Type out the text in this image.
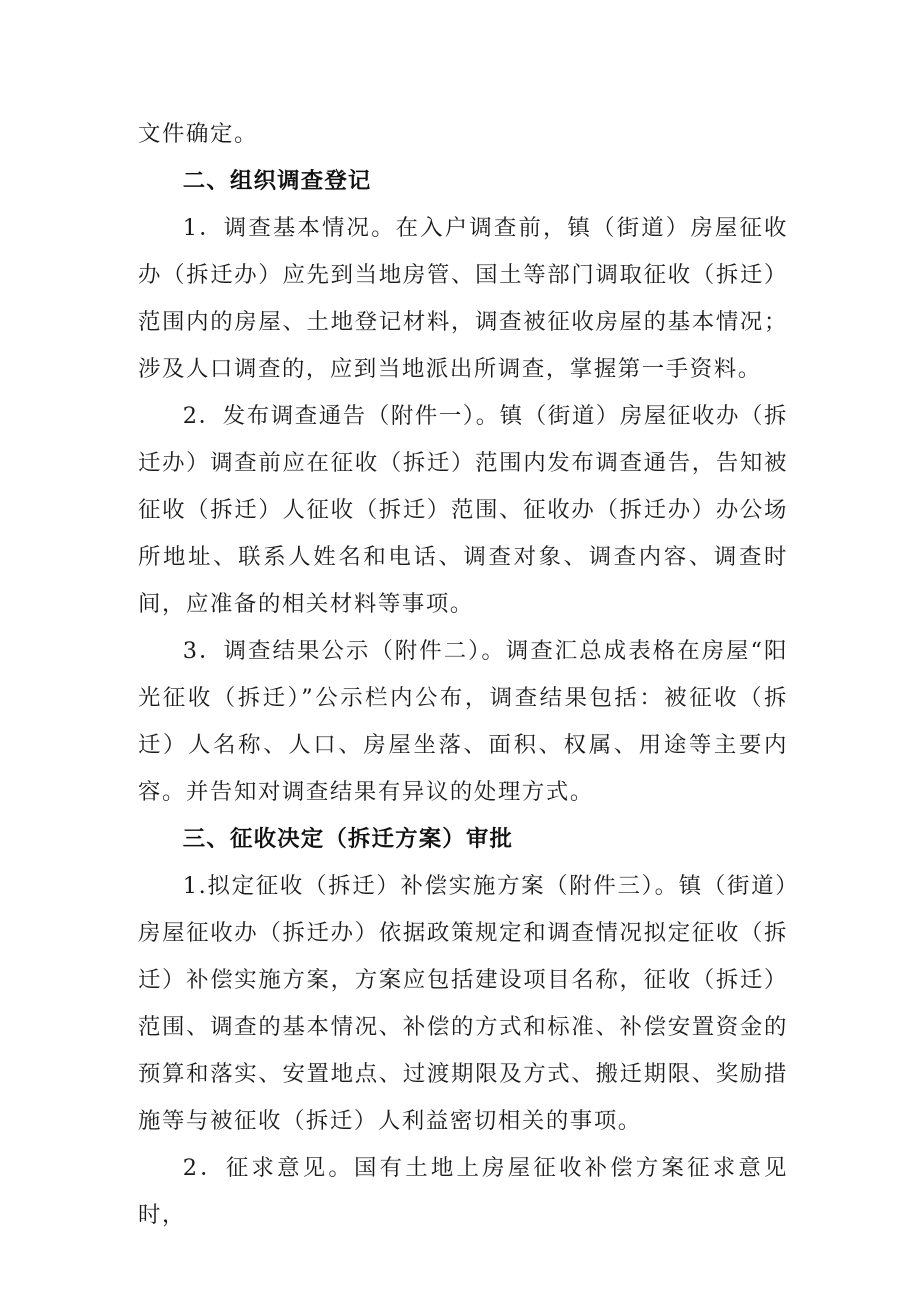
文件确定。

二、组织调查登记

1．调查基本情况。在入户调查前，镇（街道）房屋征收办（拆迁办）应先到当地房管、国土等部门调取征收（拆迁）范围内的房屋、土地登记材料，调查被征收房屋的基本情况；涉及人口调查的，应到当地派出所调查，掌握第一手资料。

2．发布调查通告（附件一）。镇（街道）房屋征收办（拆迁办）调查前应在征收（拆迁）范围内发布调查通告，告知被征收（拆迁）人征收（拆迁）范围、征收办（拆迁办）办公场所地址、联系人姓名和电话、调查对象、调查内容、调查时间，应准备的相关材料等事项。

3．调查结果公示（附件二）。调查汇总成表格在房屋“阳光征收（拆迁）”公示栏内公布，调查结果包括：被征收（拆迁）人名称、人口、房屋坐落、面积、权属、用途等主要内容。并告知对调查结果有异议的处理方式。

三、征收决定（拆迁方案）审批

1.拟定征收（拆迁）补偿实施方案（附件三）。镇（街道）房屋征收办（拆迁办）依据政策规定和调查情况拟定征收（拆迁）补偿实施方案，方案应包括建设项目名称，征收（拆迁）范围、调查的基本情况、补偿的方式和标准、补偿安置资金的预算和落实、安置地点、过渡期限及方式、搬迁期限、奖励措施等与被征收（拆迁）人利益密切相关的事项。

2．征求意见。国有土地上房屋征收补偿方案征求意见时，
